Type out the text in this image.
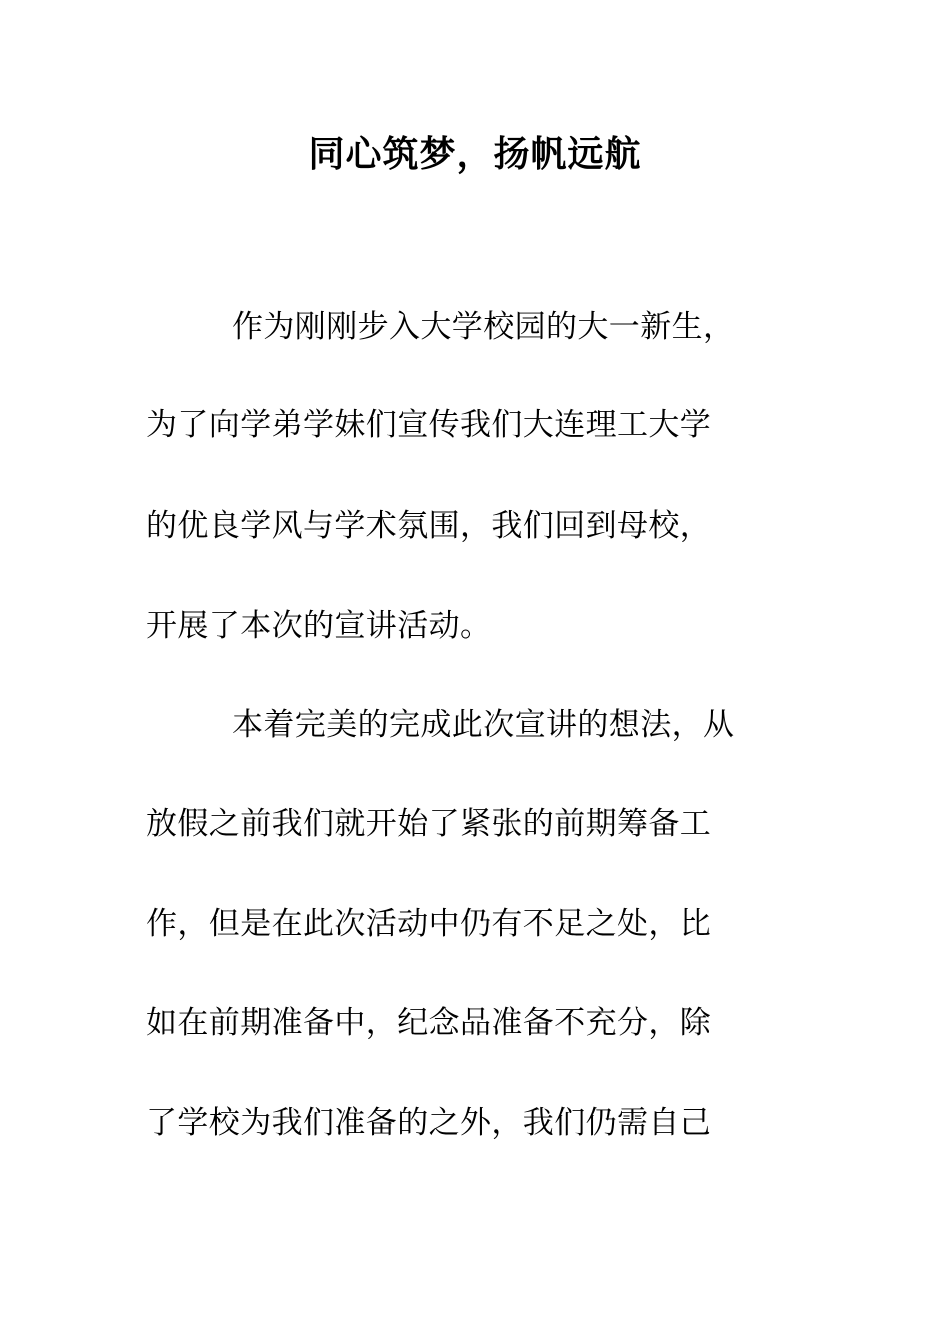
同心筑梦，扬帆远航
作为刚刚步入大学校园的大一新生，
为了向学弟学妹们宣传我们大连理工大学
的优良学风与学术氛围，我们回到母校，
开展了本次的宣讲活动。
本着完美的完成此次宣讲的想法，从
放假之前我们就开始了紧张的前期筹备工
作，但是在此次活动中仍有不足之处，比
如在前期准备中，纪念品准备不充分，除
了学校为我们准备的之外，我们仍需自己
